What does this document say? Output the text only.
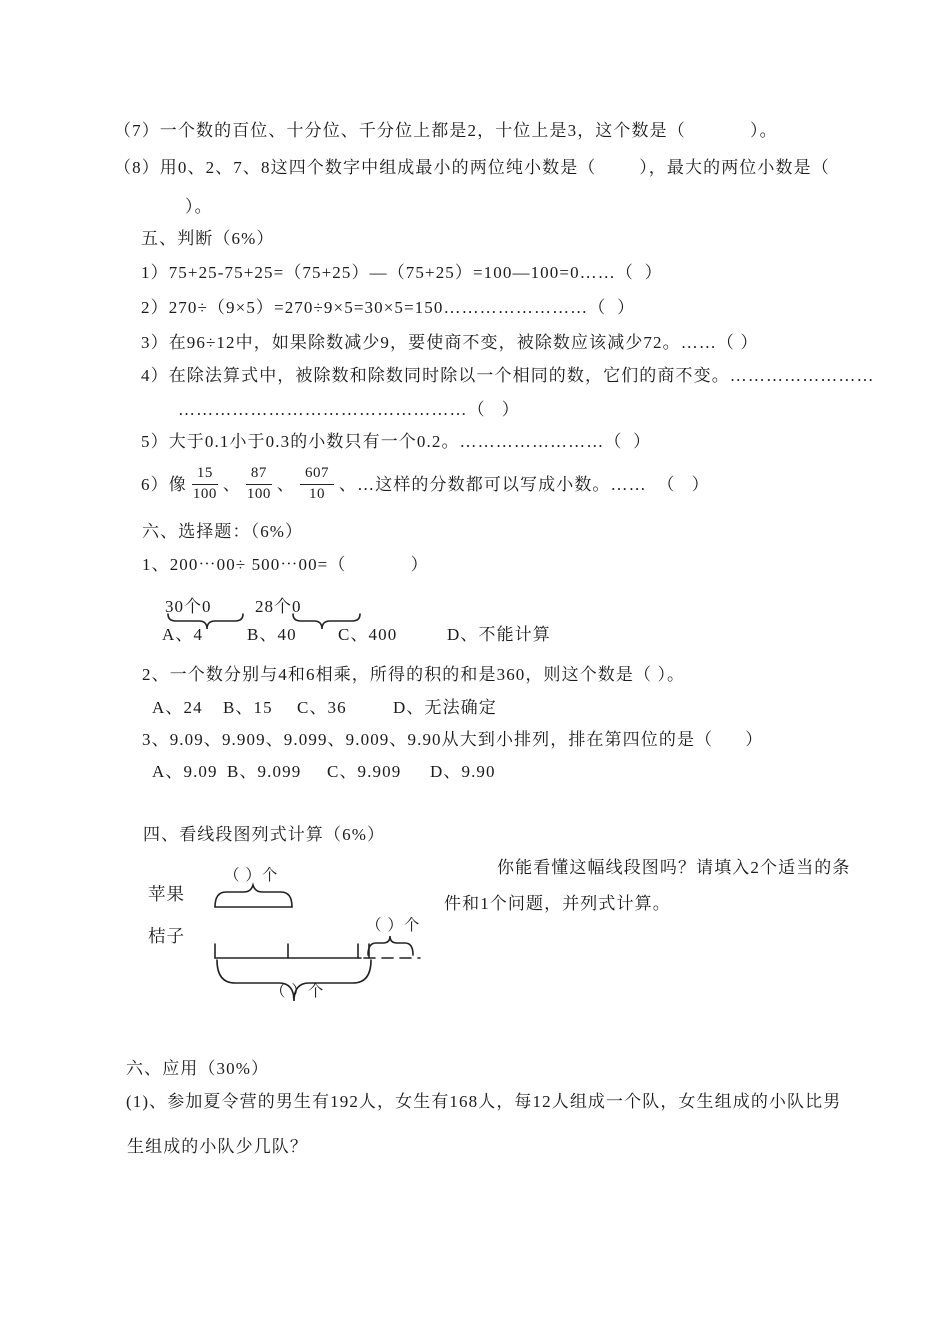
（7）一个数的百位、十分位、千分位上都是2，十位上是3，这个数是（            ）。
（8）用0、2、7、8这四个数字中组成最小的两位纯小数是（        ），最大的两位小数是（
）。
五、判断（6%）
1）75+25-75+25=（75+25）—（75+25）=100—100=0……（  ）
2）270÷（9×5）=270÷9×5=30×5=150……………………（  ）
3）在96÷12中，如果除数减少9，要使商不变，被除数应该减少72。……（ ）
4）在除法算式中，被除数和除数同时除以一个相同的数，它们的商不变。……………………
…………………………………………（   ）
5）大于0.1小于0.3的小数只有一个0.2。……………………（  ）
6）像 $\frac{15}{100}$ 、 $\frac{87}{100}$ 、 $\frac{607}{10}$ 、…这样的分数都可以写成小数。……  （   ）
六、选择题：（6%）
1、200⋯00÷ 500⋯00=（            ）
30个0	28个0
A、4	B、40 C、400	D、不能计算
2、一个数分别与4和6相乘，所得的积的和是360，则这个数是（ ）。
A、24 B、15 C、36	D、无法确定
3、9.09、9.909、9.099、9.009、9.90从大到小排列，排在第四位的是（      ）
A、9.09 B、9.099 C、9.909 D、9.90
四、看线段图列式计算（6%）
苹果
（ ）个
桔子
（ ）个
（ ）个
你能看懂这幅线段图吗？请填入2个适当的条
件和1个问题，并列式计算。
六、应用（30%）
(1)、参加夏令营的男生有192人，女生有168人，每12人组成一个队，女生组成的小队比男
生组成的小队少几队？
